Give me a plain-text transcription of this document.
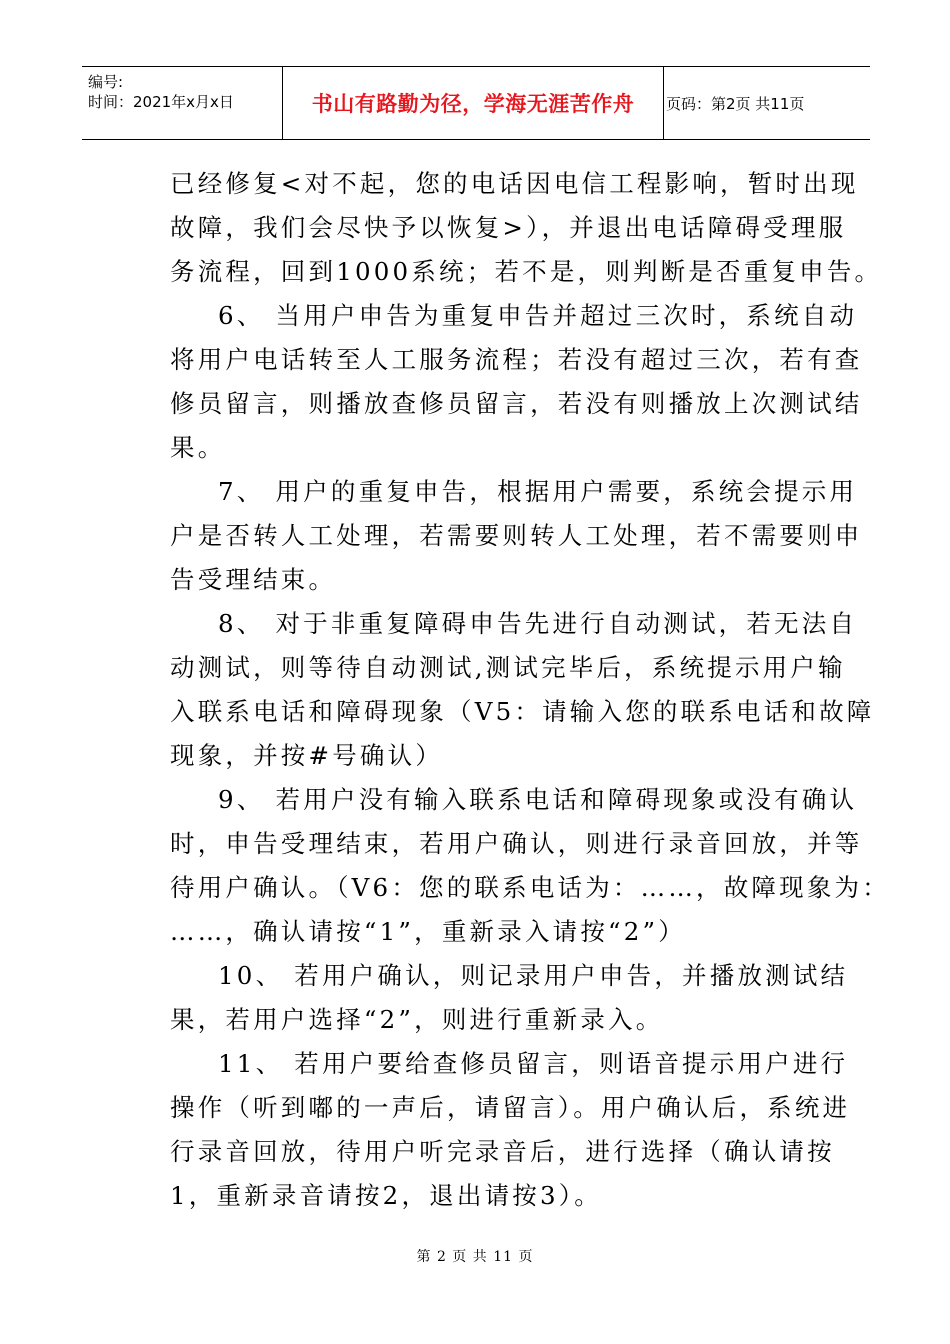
编号:
时间：2021年x月x日	书山有路勤为径，学海无涯苦作舟 页码：第2页 共11页
已经修复<对不起，您的电话因电信工程影响，暂时出现
故障，我们会尽快予以恢复>），并退出电话障碍受理服
务流程，回到1000系统；若不是，则判断是否重复申告。
6、 当用户申告为重复申告并超过三次时，系统自动
将用户电话转至人工服务流程；若没有超过三次，若有查
修员留言，则播放查修员留言，若没有则播放上次测试结
果。
7、 用户的重复申告，根据用户需要，系统会提示用
户是否转人工处理，若需要则转人工处理，若不需要则申
告受理结束。
8、 对于非重复障碍申告先进行自动测试，若无法自
动测试，则等待自动测试,测试完毕后，系统提示用户输
入联系电话和障碍现象（V5：请输入您的联系电话和故障
现象，并按#号确认）
9、 若用户没有输入联系电话和障碍现象或没有确认
时，申告受理结束，若用户确认，则进行录音回放，并等
待用户确认。（V6：您的联系电话为：……，故障现象为：
……，确认请按“1”，重新录入请按“2”）
10、 若用户确认，则记录用户申告，并播放测试结
果，若用户选择“2”，则进行重新录入。
11、 若用户要给查修员留言，则语音提示用户进行
操作（听到嘟的一声后，请留言）。用户确认后，系统进
行录音回放，待用户听完录音后，进行选择（确认请按
1，重新录音请按2，退出请按3）。
第 2 页 共 11 页
